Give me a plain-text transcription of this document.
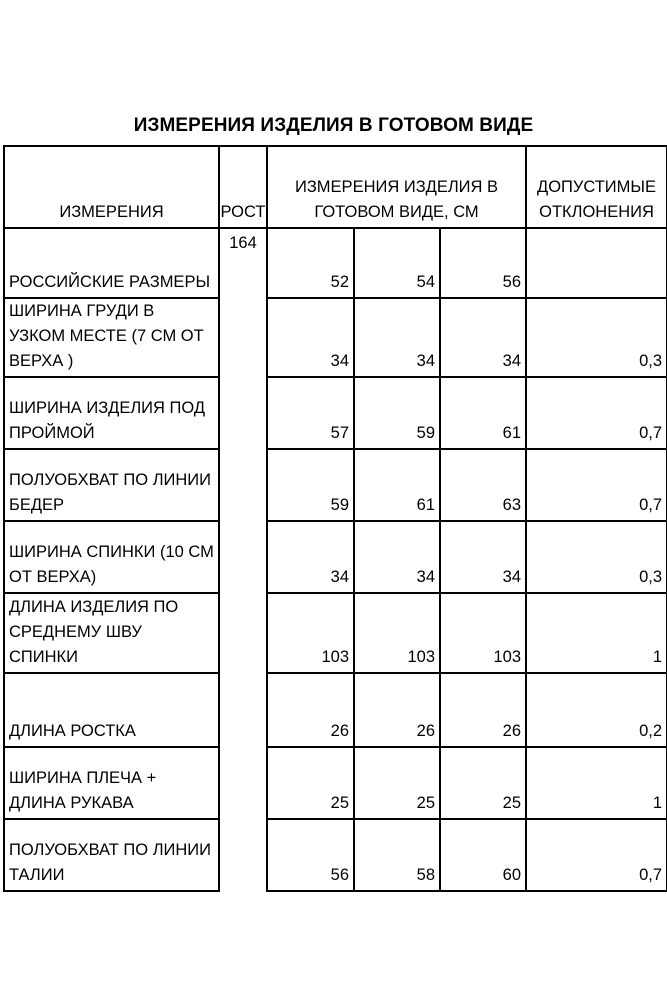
ИЗМЕРЕНИЯ ИЗДЕЛИЯ В ГОТОВОМ ВИДЕ
ИЗМЕРЕНИЯ	РОСТ	ИЗМЕРЕНИЯ ИЗДЕЛИЯ В ГОТОВОМ ВИДЕ, СМ			ДОПУСТИМЫЕ ОТКЛОНЕНИЯ
РОССИЙСКИЕ РАЗМЕРЫ	164	52	54	56	
ШИРИНА ГРУДИ В УЗКОМ МЕСТЕ (7 СМ ОТ ВЕРХА )		34	34	34	0,3
ШИРИНА ИЗДЕЛИЯ ПОД ПРОЙМОЙ		57	59	61	0,7
ПОЛУОБХВАТ ПО ЛИНИИ БЕДЕР		59	61	63	0,7
ШИРИНА СПИНКИ (10 СМ ОТ ВЕРХА)		34	34	34	0,3
ДЛИНА ИЗДЕЛИЯ ПО СРЕДНЕМУ ШВУ СПИНКИ		103	103	103	1
ДЛИНА РОСТКА		26	26	26	0,2
ШИРИНА ПЛЕЧА + ДЛИНА РУКАВА		25	25	25	1
ПОЛУОБХВАТ ПО ЛИНИИ ТАЛИИ		56	58	60	0,7
